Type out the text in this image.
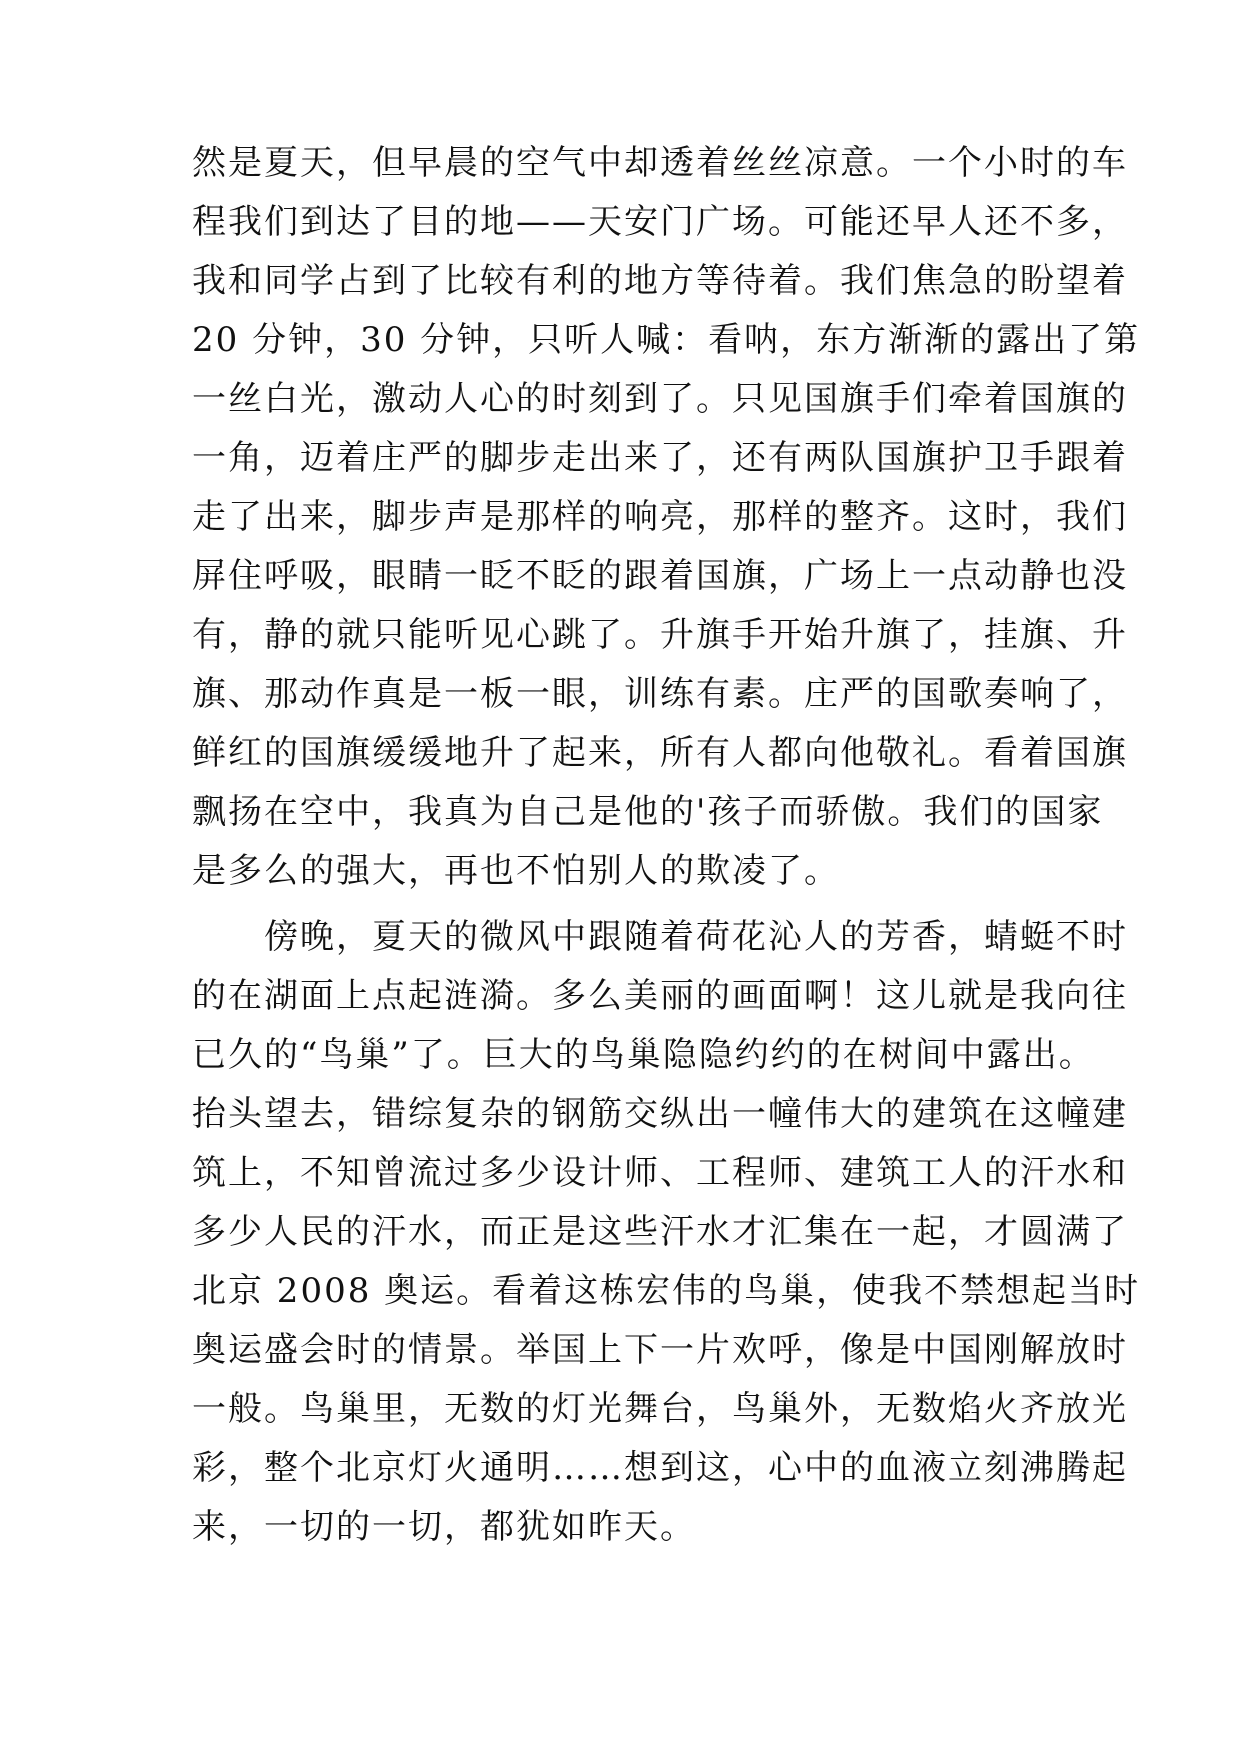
然是夏天，但早晨的空气中却透着丝丝凉意。一个小时的车
程我们到达了目的地——天安门广场。可能还早人还不多，
我和同学占到了比较有利的地方等待着。我们焦急的盼望着
20 分钟，30 分钟，只听人喊：看呐，东方渐渐的露出了第
一丝白光，激动人心的时刻到了。只见国旗手们牵着国旗的
一角，迈着庄严的脚步走出来了，还有两队国旗护卫手跟着
走了出来，脚步声是那样的响亮，那样的整齐。这时，我们
屏住呼吸，眼睛一眨不眨的跟着国旗，广场上一点动静也没
有，静的就只能听见心跳了。升旗手开始升旗了，挂旗、升
旗、那动作真是一板一眼，训练有素。庄严的国歌奏响了，
鲜红的国旗缓缓地升了起来，所有人都向他敬礼。看着国旗
飘扬在空中，我真为自己是他的'孩子而骄傲。我们的国家
是多么的强大，再也不怕别人的欺凌了。
　　傍晚，夏天的微风中跟随着荷花沁人的芳香，蜻蜓不时
的在湖面上点起涟漪。多么美丽的画面啊！这儿就是我向往
已久的“鸟巢”了。巨大的鸟巢隐隐约约的在树间中露出。
抬头望去，错综复杂的钢筋交纵出一幢伟大的建筑在这幢建
筑上，不知曾流过多少设计师、工程师、建筑工人的汗水和
多少人民的汗水，而正是这些汗水才汇集在一起，才圆满了
北京 2008 奥运。看着这栋宏伟的鸟巢，使我不禁想起当时
奥运盛会时的情景。举国上下一片欢呼，像是中国刚解放时
一般。鸟巢里，无数的灯光舞台，鸟巢外，无数焰火齐放光
彩，整个北京灯火通明……想到这，心中的血液立刻沸腾起
来，一切的一切，都犹如昨天。
